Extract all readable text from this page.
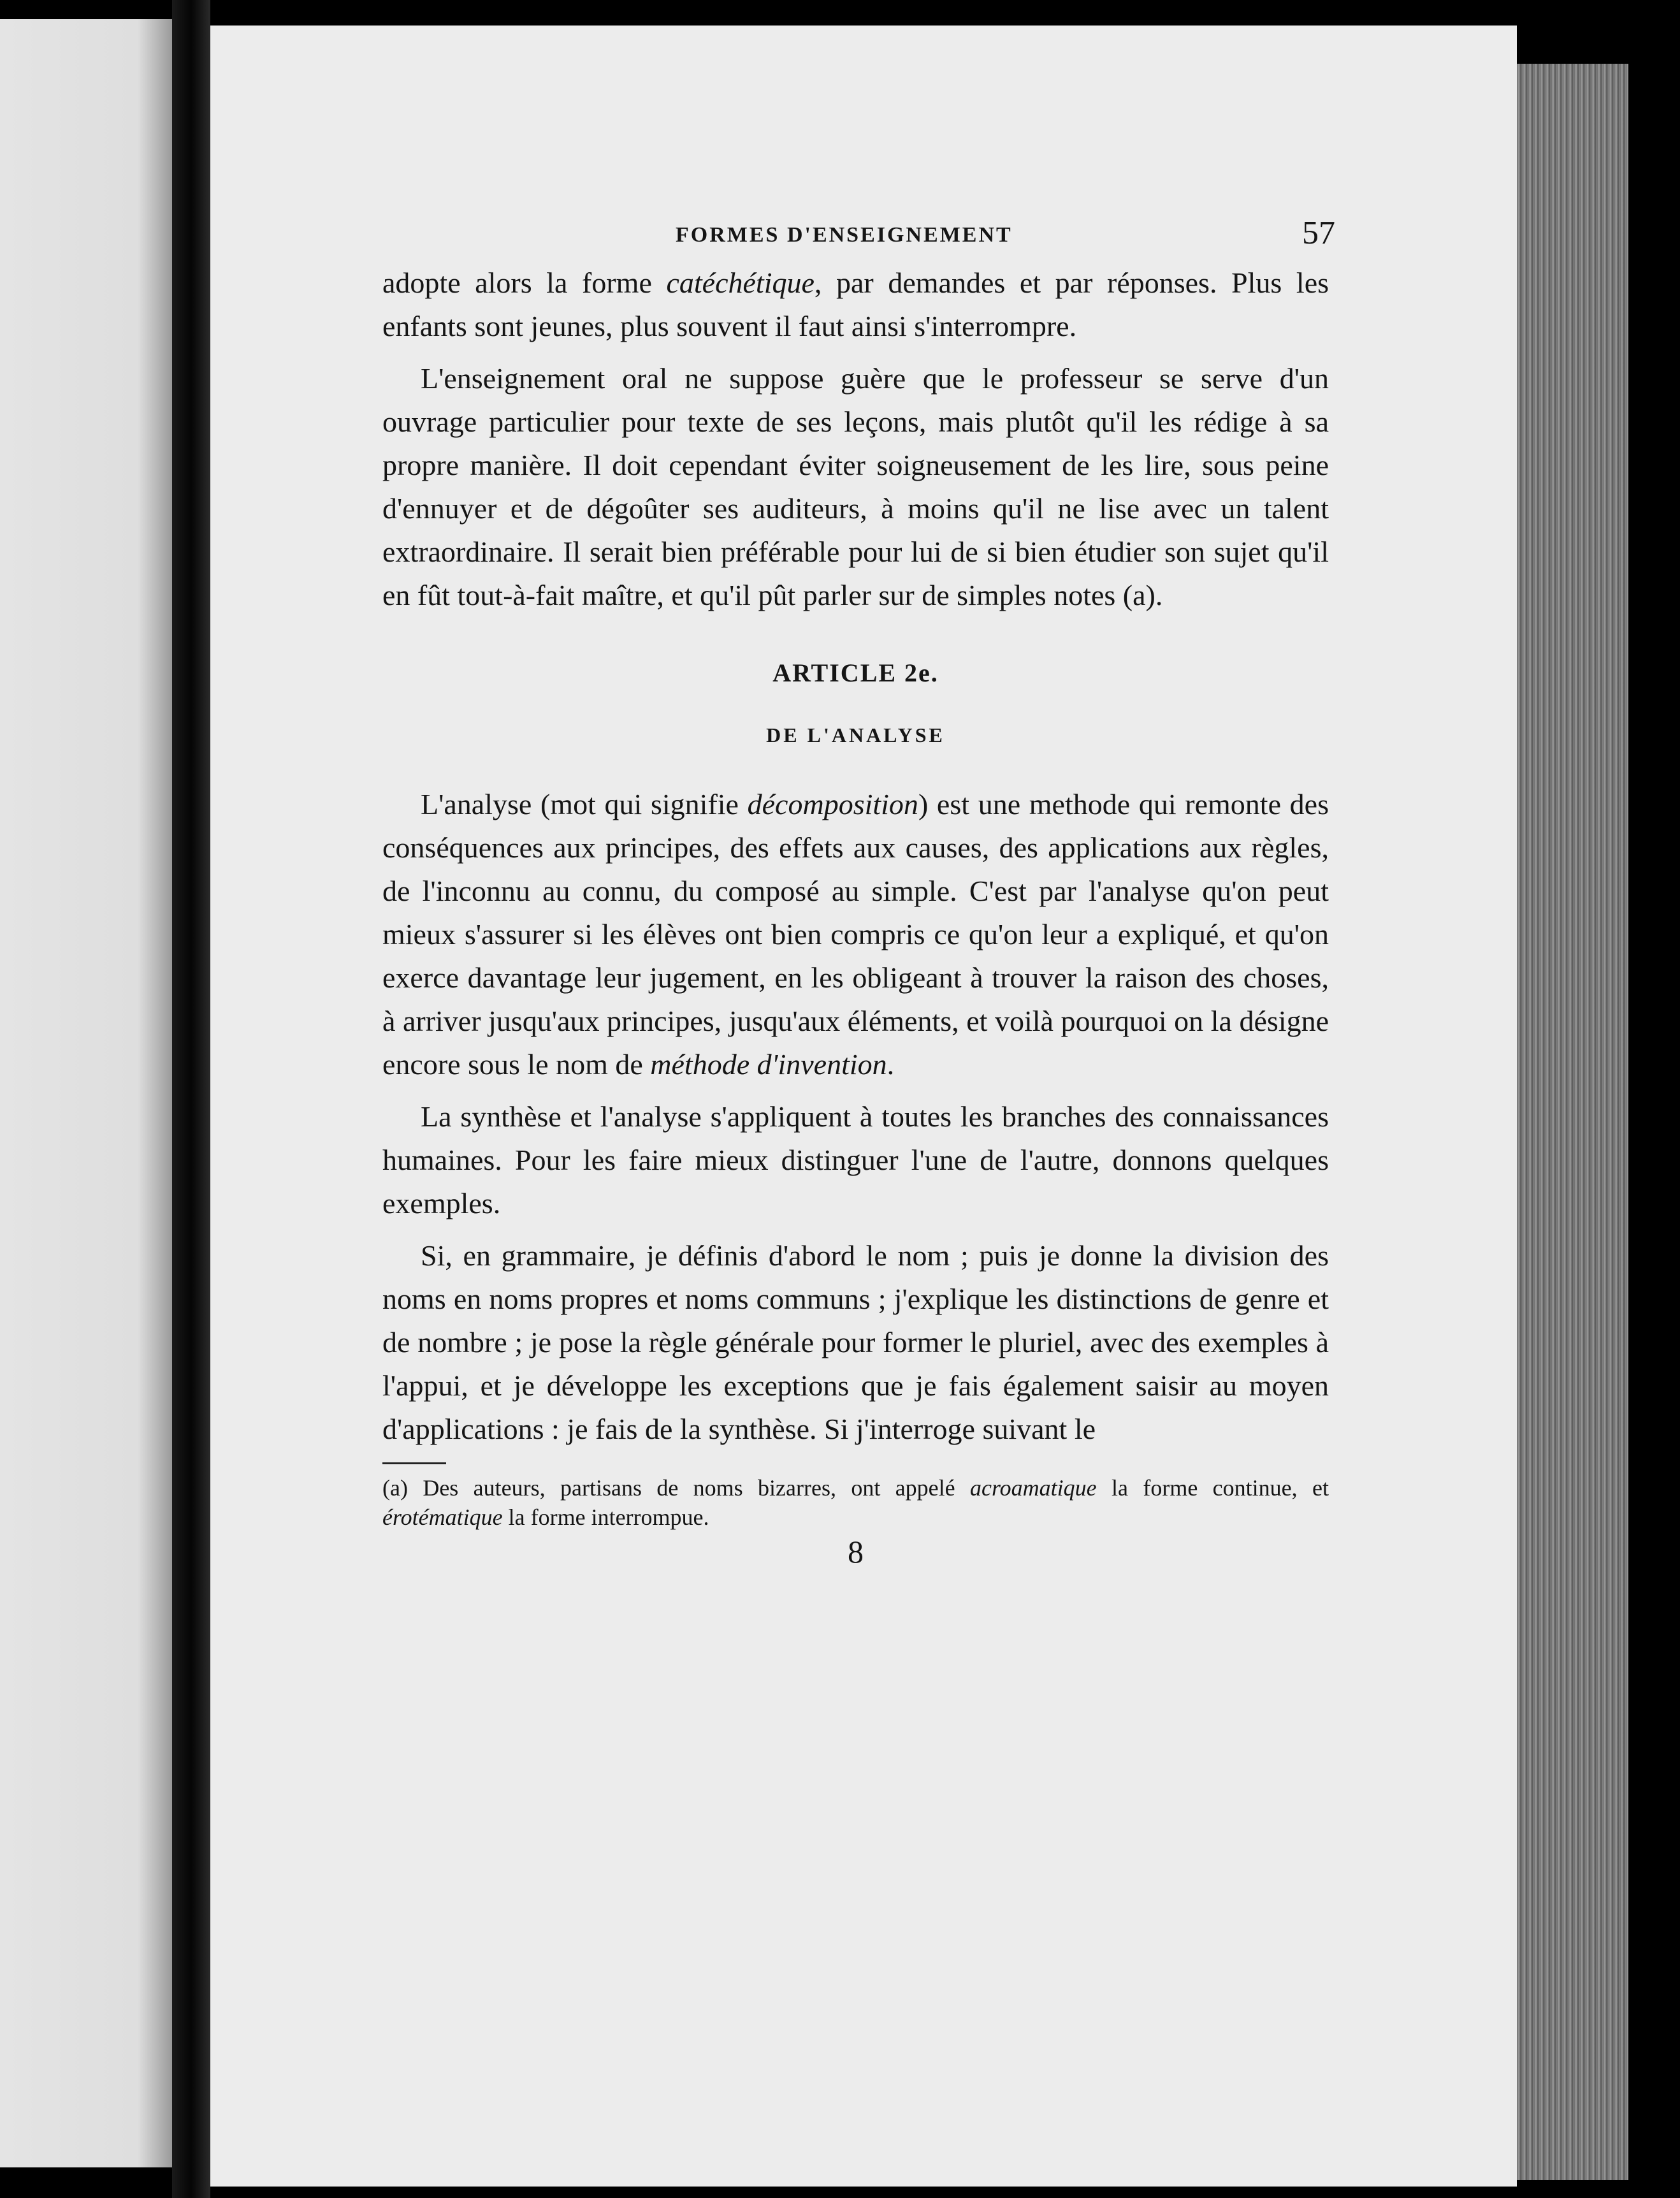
FORMES D'ENSEIGNEMENT	57

adopte alors la forme catéchétique, par demandes et par réponses. Plus les enfants sont jeunes, plus souvent il faut ainsi s'interrompre.

L'enseignement oral ne suppose guère que le professeur se serve d'un ouvrage particulier pour texte de ses leçons, mais plutôt qu'il les rédige à sa propre manière. Il doit cependant éviter soigneusement de les lire, sous peine d'ennuyer et de dégoûter ses auditeurs, à moins qu'il ne lise avec un talent extraordinaire. Il serait bien préférable pour lui de si bien étudier son sujet qu'il en fût tout-à-fait maître, et qu'il pût parler sur de simples notes (a).

ARTICLE 2e.
DE L'ANALYSE

L'analyse (mot qui signifie décomposition) est une methode qui remonte des conséquences aux principes, des effets aux causes, des applications aux règles, de l'inconnu au connu, du composé au simple. C'est par l'analyse qu'on peut mieux s'assurer si les élèves ont bien compris ce qu'on leur a expliqué, et qu'on exerce davantage leur jugement, en les obligeant à trouver la raison des choses, à arriver jusqu'aux principes, jusqu'aux éléments, et voilà pourquoi on la désigne encore sous le nom de méthode d'invention.

La synthèse et l'analyse s'appliquent à toutes les branches des connaissances humaines. Pour les faire mieux distinguer l'une de l'autre, donnons quelques exemples.

Si, en grammaire, je définis d'abord le nom ; puis je donne la division des noms en noms propres et noms communs ; j'explique les distinctions de genre et de nombre ; je pose la règle générale pour former le pluriel, avec des exemples à l'appui, et je développe les exceptions que je fais également saisir au moyen d'applications : je fais de la synthèse. Si j'interroge suivant le

(a) Des auteurs, partisans de noms bizarres, ont appelé acroamatique la forme continue, et érotématique la forme interrompue.
8
